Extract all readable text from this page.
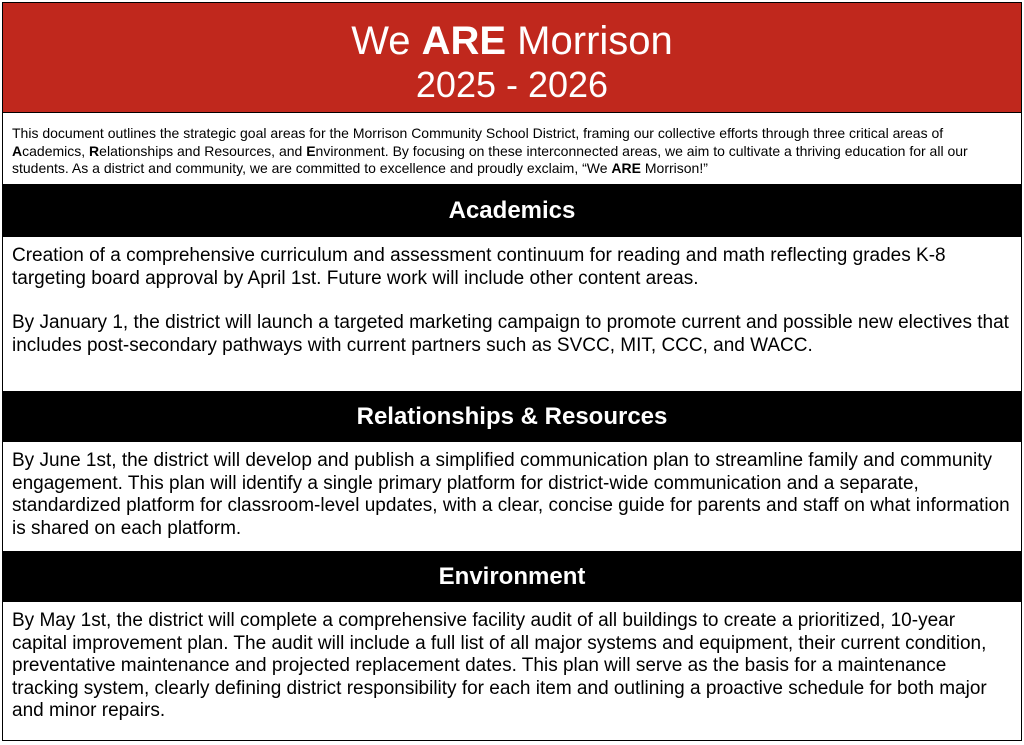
We ARE Morrison
2025 - 2026
This document outlines the strategic goal areas for the Morrison Community School District, framing our collective efforts through three critical areas of Academics, Relationships and Resources, and Environment. By focusing on these interconnected areas, we aim to cultivate a thriving education for all our students. As a district and community, we are committed to excellence and proudly exclaim, “We ARE Morrison!”
Academics

Creation of a comprehensive curriculum and assessment continuum for reading and math reflecting grades K-8 targeting board approval by April 1st. Future work will include other content areas.

By January 1, the district will launch a targeted marketing campaign to promote current and possible new electives that includes post-secondary pathways with current partners such as SVCC, MIT, CCC, and WACC.

Relationships & Resources

By June 1st, the district will develop and publish a simplified communication plan to streamline family and community engagement. This plan will identify a single primary platform for district-wide communication and a separate, standardized platform for classroom-level updates, with a clear, concise guide for parents and staff on what information is shared on each platform.

Environment

By May 1st, the district will complete a comprehensive facility audit of all buildings to create a prioritized, 10-year capital improvement plan. The audit will include a full list of all major systems and equipment, their current condition, preventative maintenance and projected replacement dates. This plan will serve as the basis for a maintenance tracking system, clearly defining district responsibility for each item and outlining a proactive schedule for both major and minor repairs.
